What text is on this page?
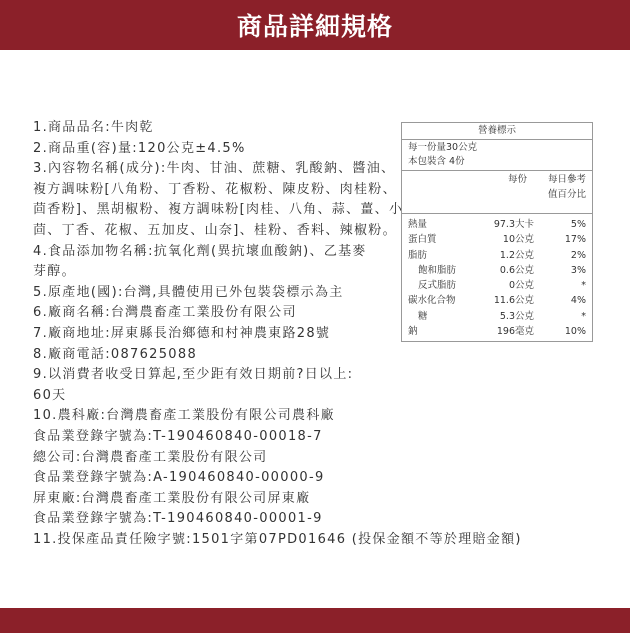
商品詳細規格
1.商品品名:牛肉乾
2.商品重(容)量:120公克±4.5%
3.內容物名稱(成分):牛肉、甘油、蔗糖、乳酸鈉、醬油、
複方調味粉[八角粉、丁香粉、花椒粉、陳皮粉、肉桂粉、
茴香粉]、黑胡椒粉、複方調味粉[肉桂、八角、蒜、薑、小
茴、丁香、花椒、五加皮、山奈]、桂粉、香料、辣椒粉。
4.食品添加物名稱:抗氧化劑(異抗壞血酸鈉)、乙基麥
芽醇。
5.原產地(國):台灣,具體使用已外包裝袋標示為主
6.廠商名稱:台灣農畜產工業股份有限公司
7.廠商地址:屏東縣長治鄉德和村神農東路28號
8.廠商電話:087625088
9.以消費者收受日算起,至少距有效日期前?日以上:
60天
10.農科廠:台灣農畜產工業股份有限公司農科廠
食品業登錄字號為:T-190460840-00018-7
總公司:台灣農畜產工業股份有限公司
食品業登錄字號為:A-190460840-00000-9
屏東廠:台灣農畜產工業股份有限公司屏東廠
食品業登錄字號為:T-190460840-00001-9
11.投保產品責任險字號:1501字第07PD01646 (投保金額不等於理賠金額)
營養標示
每一份量30公克
本包裝含 4份
每份 每日參考
值百分比
熱量	97.3大卡	5%
蛋白質	10公克	17%
脂肪	1.2公克	2%
飽和脂肪	0.6公克	3%
反式脂肪	0公克	*
碳水化合物	11.6公克	4%
糖	5.3公克	*
鈉	196毫克	10%
